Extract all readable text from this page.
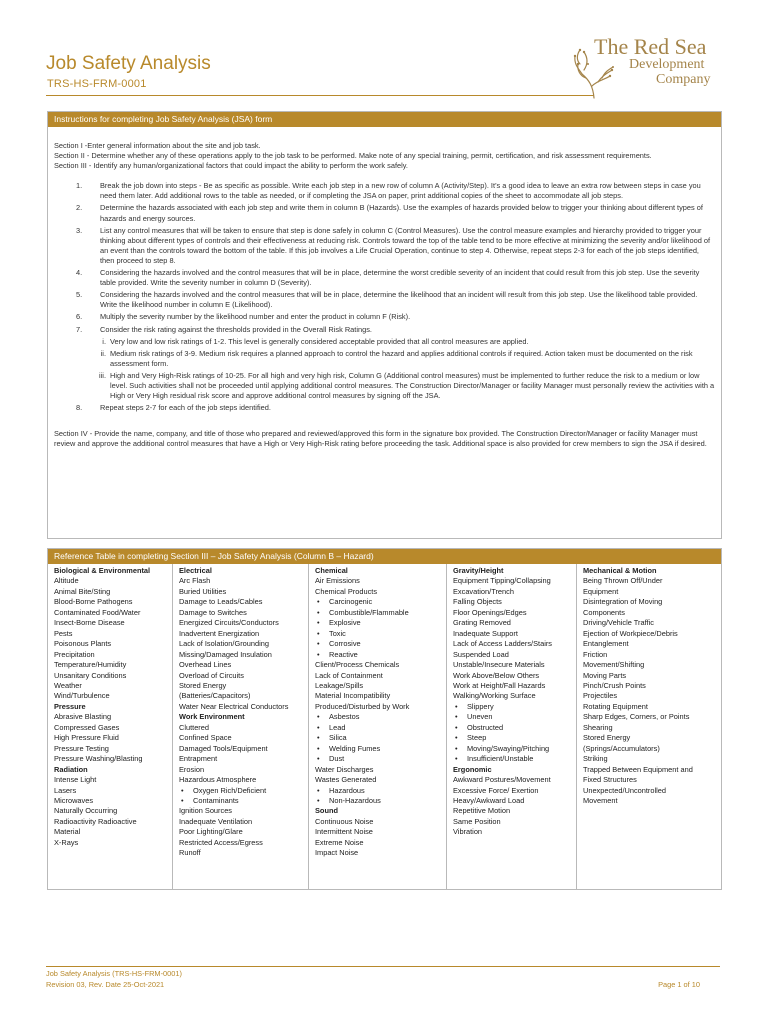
Job Safety Analysis
TRS-HS-FRM-0001
The Red Sea
Development
Company
Instructions for completing Job Safety Analysis (JSA) form

Section I -Enter general information about the site and job task.

Section II - Determine whether any of these operations apply to the job task to be performed. Make note of any special training, permit, certification, and risk assessment requirements.

Section III - Identify any human/organizational factors that could impact the ability to perform the work safely.

1. Break the job down into steps - Be as specific as possible. Write each job step in a new row of column A (Activity/Step). It’s a good idea to leave an extra row between steps in case you need them later. Add additional rows to the table as needed, or if completing the JSA on paper, print additional copies of the sheet to accommodate all job steps.
2. Determine the hazards associated with each job step and write them in column B (Hazards). Use the examples of hazards provided below to trigger your thinking about different types of hazards and energy sources.
3. List any control measures that will be taken to ensure that step is done safely in column C (Control Measures). Use the control measure examples and hierarchy provided to trigger your thinking about different types of controls and their effectiveness at reducing risk. Controls toward the top of the table tend to be more effective at minimizing the severity and/or likelihood of an event than the controls toward the bottom of the table. If this job involves a Life Crucial Operation, continue to step 4. Otherwise, repeat steps 2-3 for each of the job steps identified, then proceed to step 8.
4. Considering the hazards involved and the control measures that will be in place, determine the worst credible severity of an incident that could result from this job step. Use the severity table provided. Write the severity number in column D (Severity).
5. Considering the hazards involved and the control measures that will be in place, determine the likelihood that an incident will result from this job step. Use the likelihood table provided. Write the likelihood number in column E (Likelihood).
6. Multiply the severity number by the likelihood number and enter the product in column F (Risk).
7. Consider the risk rating against the thresholds provided in the Overall Risk Ratings.
i. Very low and low risk ratings of 1-2. This level is generally considered acceptable provided that all control measures are applied.
ii. Medium risk ratings of 3-9. Medium risk requires a planned approach to control the hazard and applies additional controls if required. Action taken must be documented on the risk assessment form.
iii. High and Very High-Risk ratings of 10-25. For all high and very high risk, Column G (Additional control measures) must be implemented to further reduce the risk to a medium or low level. Such activities shall not be proceeded until applying additional control measures. The Construction Director/Manager or facility Manager must personally review the activities with a High or Very High residual risk score and approve additional control measures by signing off the JSA.
8. Repeat steps 2-7 for each of the job steps identified.

Section IV - Provide the name, company, and title of those who prepared and reviewed/approved this form in the signature box provided. The Construction Director/Manager or facility Manager must review and approve the additional control measures that have a High or Very High-Risk rating before proceeding the task. Additional space is also provided for crew members to sign the JSA if desired.

Reference Table in completing Section III – Job Safety Analysis (Column B – Hazard)
Biological & Environmental
Altitude
Animal Bite/Sting
Blood-Borne Pathogens
Contaminated Food/Water
Insect-Borne Disease
Pests
Poisonous Plants
Precipitation
Temperature/Humidity
Unsanitary Conditions
Weather
Wind/Turbulence
Pressure
Abrasive Blasting
Compressed Gases
High Pressure Fluid
Pressure Testing
Pressure Washing/Blasting
Radiation
Intense Light
Lasers
Microwaves
Naturally Occurring
Radioactivity Radioactive
Material
X-Rays
Electrical
Arc Flash
Buried Utilities
Damage to Leads/Cables
Damage to Switches
Energized Circuits/Conductors
Inadvertent Energization
Lack of Isolation/Grounding
Missing/Damaged Insulation
Overhead Lines
Overload of Circuits
Stored Energy
(Batteries/Capacitors)
Water Near Electrical Conductors
Work Environment
Cluttered
Confined Space
Damaged Tools/Equipment
Entrapment
Erosion
Hazardous Atmosphere
• Oxygen Rich/Deficient
• Contaminants
Ignition Sources
Inadequate Ventilation
Poor Lighting/Glare
Restricted Access/Egress
Runoff
Chemical
Air Emissions
Chemical Products
• Carcinogenic
• Combustible/Flammable
• Explosive
• Toxic
• Corrosive
• Reactive
Client/Process Chemicals
Lack of Containment
Leakage/Spills
Material Incompatibility
Produced/Disturbed by Work
• Asbestos
• Lead
• Silica
• Welding Fumes
• Dust
Water Discharges
Wastes Generated
• Hazardous
• Non-Hazardous
Sound
Continuous Noise
Intermittent Noise
Extreme Noise
Impact Noise
Gravity/Height
Equipment Tipping/Collapsing
Excavation/Trench
Falling Objects
Floor Openings/Edges
Grating Removed
Inadequate Support
Lack of Access Ladders/Stairs
Suspended Load
Unstable/Insecure Materials
Work Above/Below Others
Work at Height/Fall Hazards
Walking/Working Surface
• Slippery
• Uneven
• Obstructed
• Steep
• Moving/Swaying/Pitching
• Insufficient/Unstable
Ergonomic
Awkward Postures/Movement
Excessive Force/ Exertion
Heavy/Awkward Load
Repetitive Motion
Same Position
Vibration
Mechanical & Motion
Being Thrown Off/Under
Equipment
Disintegration of Moving
Components
Driving/Vehicle Traffic
Ejection of Workpiece/Debris
Entanglement
Friction
Movement/Shifting
Moving Parts
Pinch/Crush Points
Projectiles
Rotating Equipment
Sharp Edges, Corners, or Points
Shearing
Stored Energy
(Springs/Accumulators)
Striking
Trapped Between Equipment and
Fixed Structures
Unexpected/Uncontrolled
Movement
Job Safety Analysis (TRS-HS-FRM-0001)
Revision 03, Rev. Date 25-Oct-2021	Page 1 of 10
